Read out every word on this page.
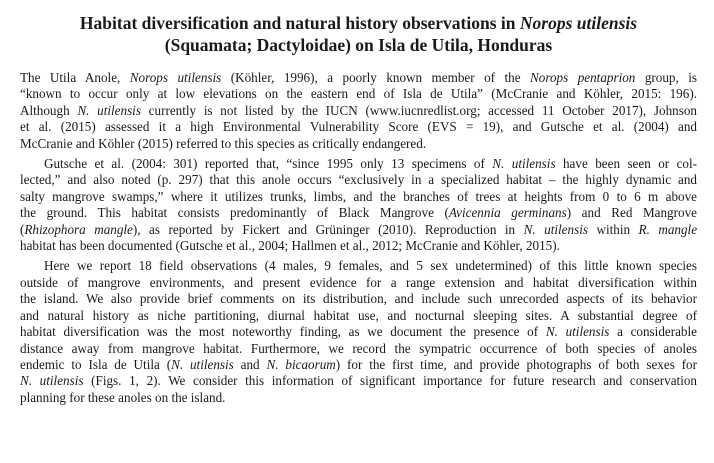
Habitat diversification and natural history observations in Norops utilensis
(Squamata; Dactyloidae) on Isla de Utila, Honduras

The Utila Anole, Norops utilensis (Köhler, 1996), a poorly known member of the Norops pentaprion group, is
“known to occur only at low elevations on the eastern end of Isla de Utila” (McCranie and Köhler, 2015: 196).
Although N. utilensis currently is not listed by the IUCN (www.iucnredlist.org; accessed 11 October 2017), Johnson
et al. (2015) assessed it a high Environmental Vulnerability Score (EVS = 19), and Gutsche et al. (2004) and
McCranie and Köhler (2015) referred to this species as critically endangered.

Gutsche et al. (2004: 301) reported that, “since 1995 only 13 specimens of N. utilensis have been seen or col-
lected,” and also noted (p. 297) that this anole occurs “exclusively in a specialized habitat – the highly dynamic and
salty mangrove swamps,” where it utilizes trunks, limbs, and the branches of trees at heights from 0 to 6 m above
the ground. This habitat consists predominantly of Black Mangrove (Avicennia germinans) and Red Mangrove
(Rhizophora mangle), as reported by Fickert and Grüninger (2010). Reproduction in N. utilensis within R. mangle
habitat has been documented (Gutsche et al., 2004; Hallmen et al., 2012; McCranie and Köhler, 2015).

Here we report 18 field observations (4 males, 9 females, and 5 sex undetermined) of this little known species
outside of mangrove environments, and present evidence for a range extension and habitat diversification within
the island. We also provide brief comments on its distribution, and include such unrecorded aspects of its behavior
and natural history as niche partitioning, diurnal habitat use, and nocturnal sleeping sites. A substantial degree of
habitat diversification was the most noteworthy finding, as we document the presence of N. utilensis a considerable
distance away from mangrove habitat. Furthermore, we record the sympatric occurrence of both species of anoles
endemic to Isla de Utila (N. utilensis and N. bicaorum) for the first time, and provide photographs of both sexes for
N. utilensis (Figs. 1, 2). We consider this information of significant importance for future research and conservation
planning for these anoles on the island.
